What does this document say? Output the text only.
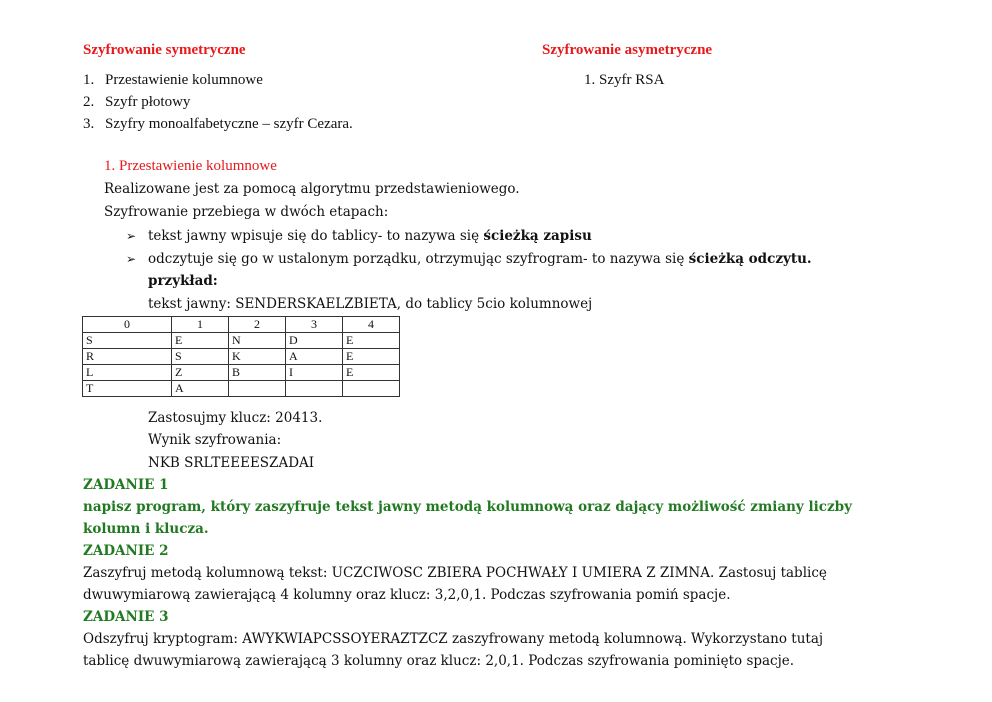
Szyfrowanie symetryczne	Szyfrowanie asymetryczne
1. Przestawienie kolumnowe
2. Szyfr płotowy
3. Szyfry monoalfabetyczne – szyfr Cezara.
1. Szyfr RSA
1. Przestawienie kolumnowe
Realizowane jest za pomocą algorytmu przedstawieniowego.
Szyfrowanie przebiega w dwóch etapach:
➢ tekst jawny wpisuje się do tablicy- to nazywa się ścieżką zapisu
➢ odczytuje się go w ustalonym porządku, otrzymując szyfrogram- to nazywa się ścieżką odczytu.
przykład:
tekst jawny: SENDERSKAELZBIETA, do tablicy 5cio kolumnowej
0	1	2	3	4
S	E	N	D	E
R	S	K	A	E
L	Z	B	I	E
T	A			
Zastosujmy klucz: 20413.
Wynik szyfrowania:
NKB SRLTEEEESZADAI
ZADANIE 1
napisz program, który zaszyfruje tekst jawny metodą kolumnową oraz dający możliwość zmiany liczby
kolumn i klucza.
ZADANIE 2
Zaszyfruj metodą kolumnową tekst: UCZCIWOSC ZBIERA POCHWAŁY I UMIERA Z ZIMNA. Zastosuj tablicę
dwuwymiarową zawierającą 4 kolumny oraz klucz: 3,2,0,1. Podczas szyfrowania pomiń spacje.
ZADANIE 3
Odszyfruj kryptogram: AWYKWIAPCSSOYERAZTZCZ zaszyfrowany metodą kolumnową. Wykorzystano tutaj
tablicę dwuwymiarową zawierającą 3 kolumny oraz klucz: 2,0,1. Podczas szyfrowania pominięto spacje.
